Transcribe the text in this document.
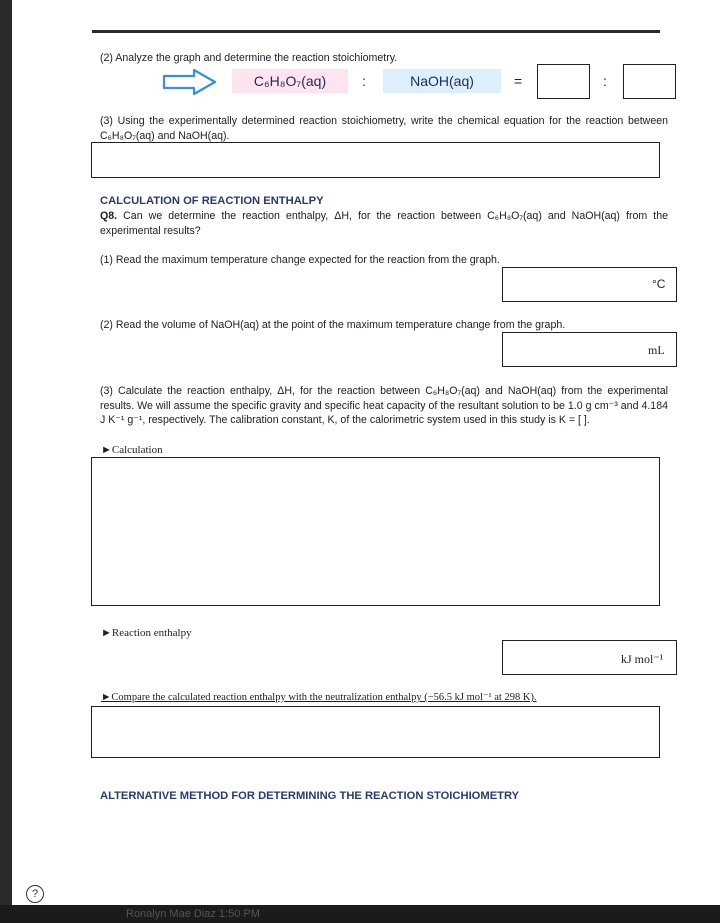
(2) Analyze the graph and determine the reaction stoichiometry.
C₆H₈O₇(aq)	:	NaOH(aq)	=	:
(3) Using the experimentally determined reaction stoichiometry, write the chemical equation for the reaction between C₆H₈O₇(aq) and NaOH(aq).
CALCULATION OF REACTION ENTHALPY
Q8. Can we determine the reaction enthalpy, ΔH, for the reaction between C₆H₈O₇(aq) and NaOH(aq) from the experimental results?
(1) Read the maximum temperature change expected for the reaction from the graph.
°C
(2) Read the volume of NaOH(aq) at the point of the maximum temperature change from the graph.
mL
(3) Calculate the reaction enthalpy, ΔH, for the reaction between C₆H₈O₇(aq) and NaOH(aq) from the experimental results. We will assume the specific gravity and specific heat capacity of the resultant solution to be 1.0 g cm⁻³ and 4.184 J K⁻¹ g⁻¹, respectively. The calibration constant, K, of the calorimetric system used in this study is K = [ ].
►Calculation
►Reaction enthalpy
kJ mol⁻¹
►Compare the calculated reaction enthalpy with the neutralization enthalpy (−56.5 kJ mol⁻¹ at 298 K).
ALTERNATIVE METHOD FOR DETERMINING THE REACTION STOICHIOMETRY
?
Ronalyn Mae Diaz 1:50 PM
